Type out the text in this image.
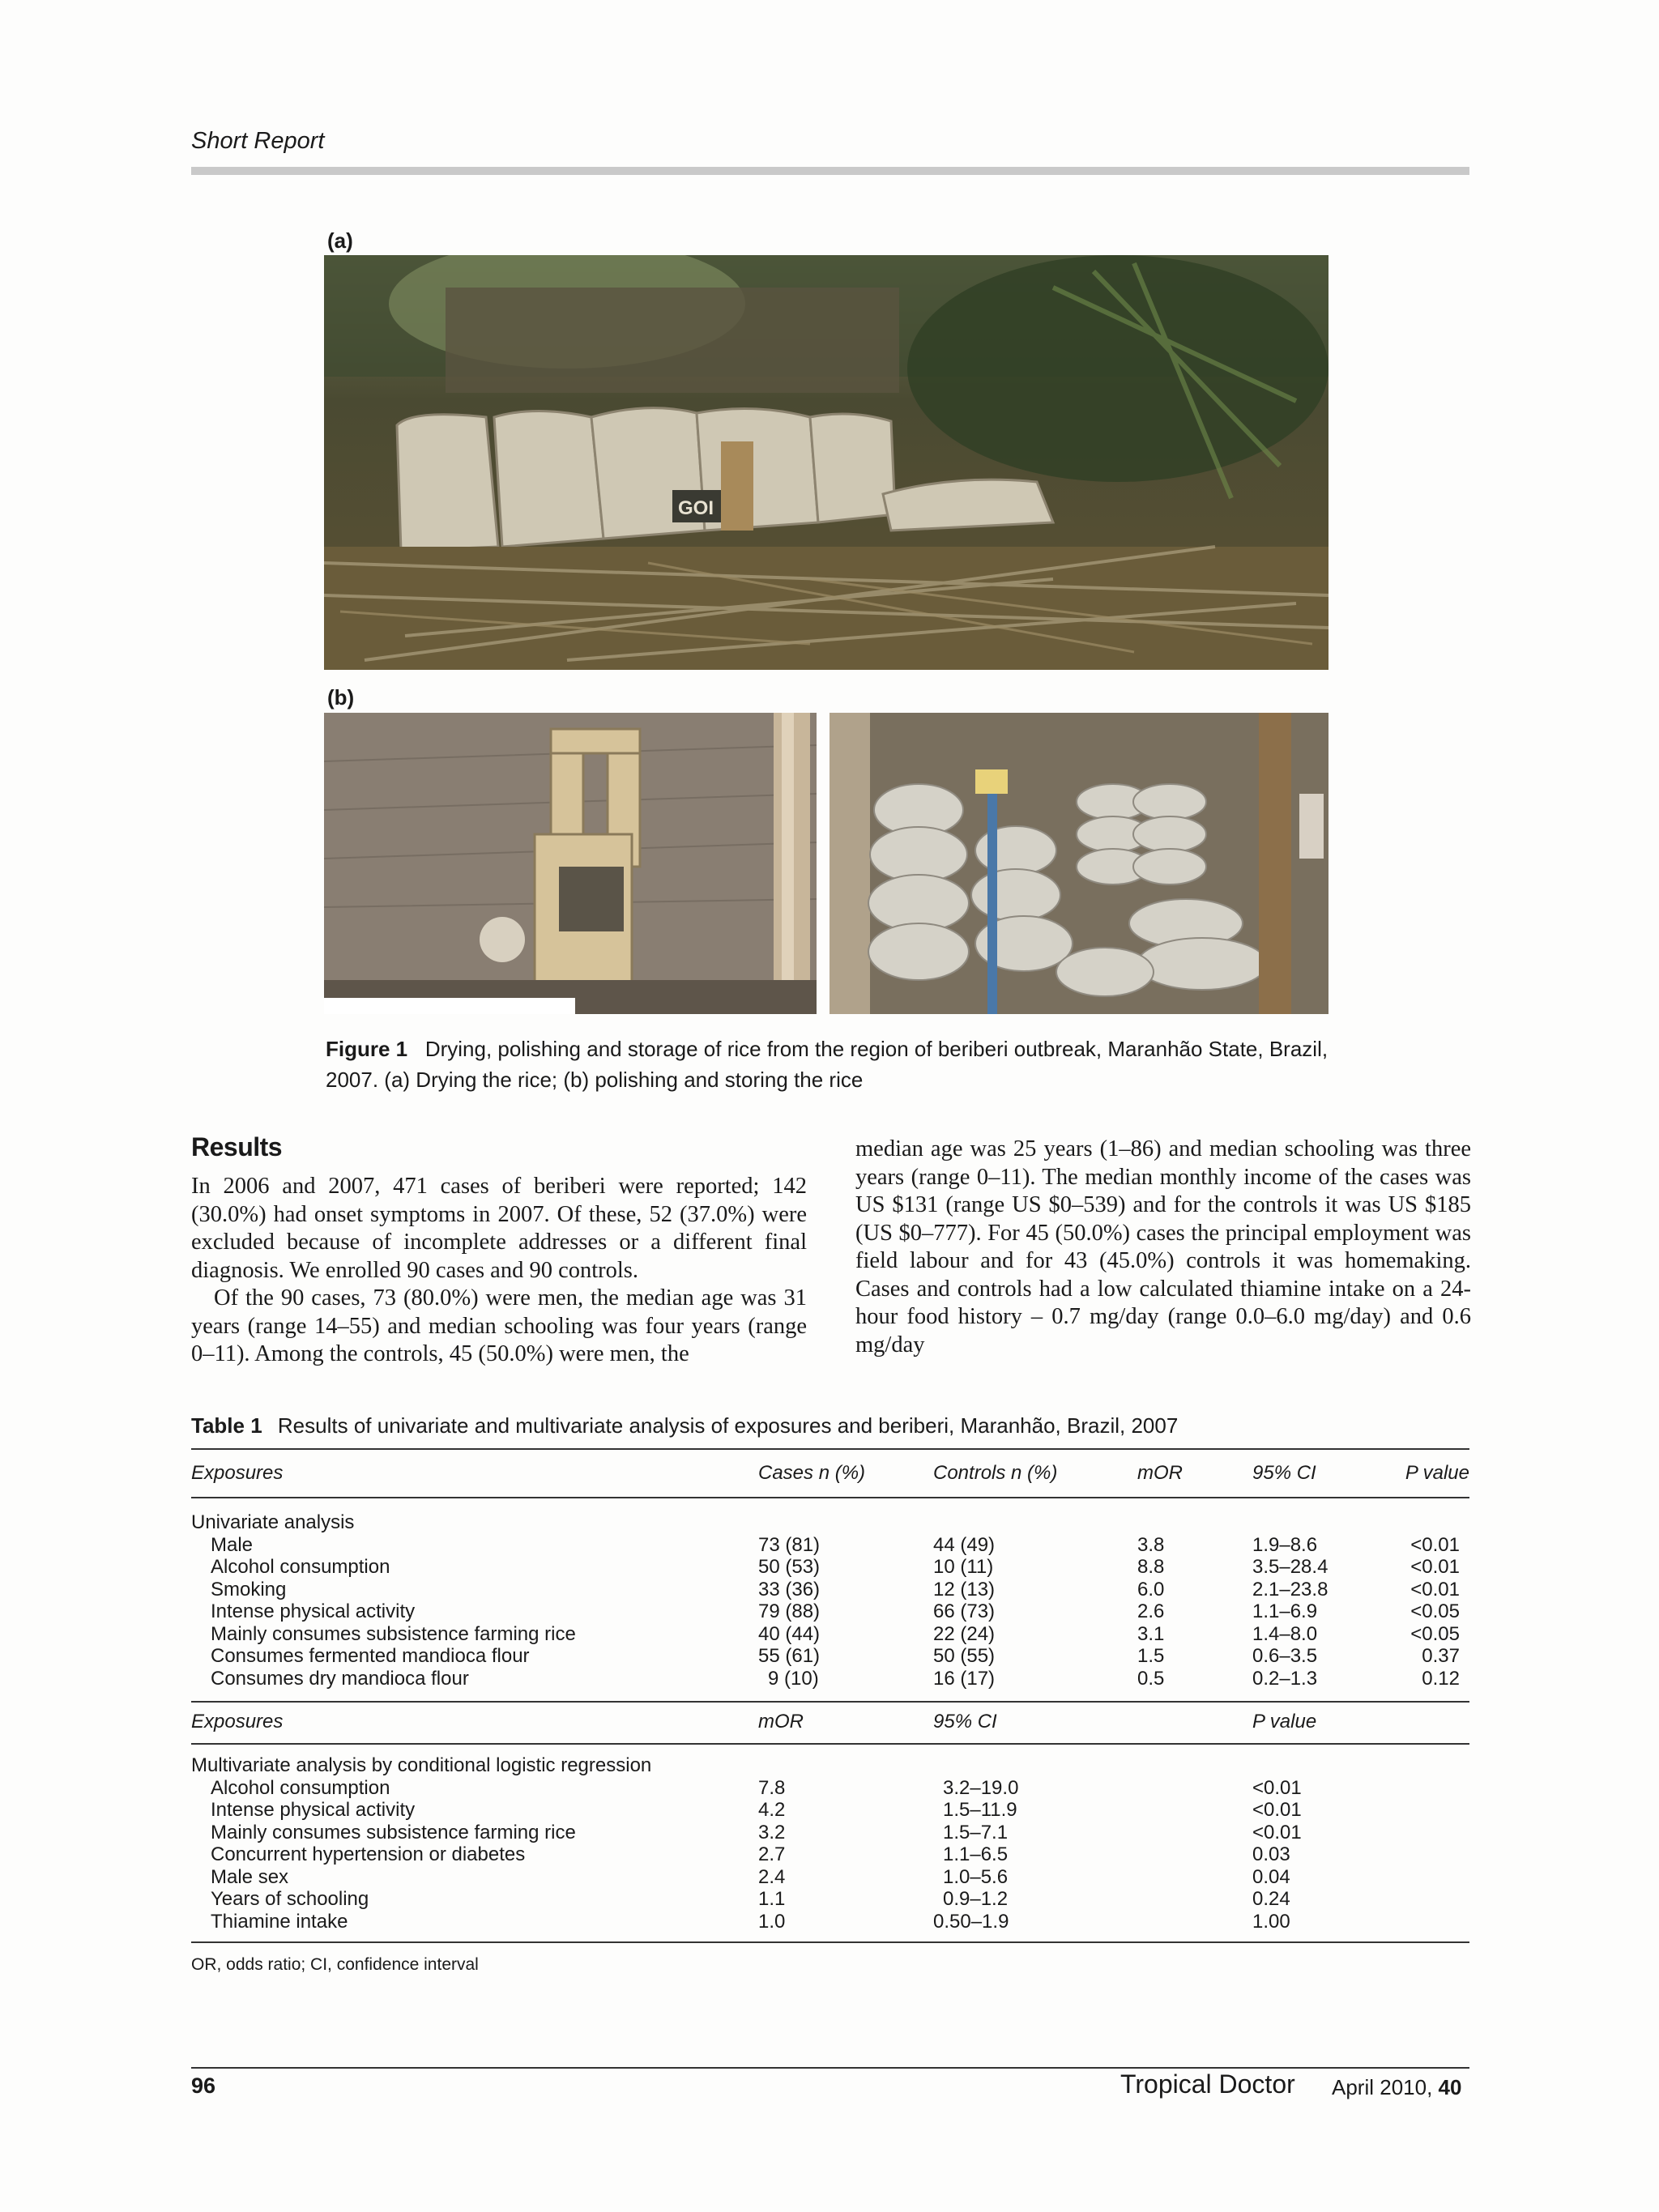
Short Report
(a)
GOI
(b)
Figure 1 Drying, polishing and storage of rice from the region of beriberi outbreak, Maranhão State, Brazil, 2007. (a) Drying the rice; (b) polishing and storing the rice
Results

In 2006 and 2007, 471 cases of beriberi were reported; 142 (30.0%) had onset symptoms in 2007. Of these, 52 (37.0%) were excluded because of incomplete addresses or a different final diagnosis. We enrolled 90 cases and 90 controls.

Of the 90 cases, 73 (80.0%) were men, the median age was 31 years (range 14–55) and median schooling was four years (range 0–11). Among the controls, 45 (50.0%) were men, the

median age was 25 years (1–86) and median schooling was three years (range 0–11). The median monthly income of the cases was US $131 (range US $0–539) and for the controls it was US $185 (US $0–777). For 45 (50.0%) cases the principal employment was field labour and for 43 (45.0%) controls it was homemaking. Cases and controls had a low calculated thiamine intake on a 24-hour food history – 0.7 mg/day (range 0.0–6.0 mg/day) and 0.6 mg/day

Table 1 Results of univariate and multivariate analysis of exposures and beriberi, Maranhão, Brazil, 2007
Exposures	Cases n (%)	Controls n (%)	mOR	95% CI	P value
Univariate analysis
Male	73 (81)	44 (49)	3.8	1.9–8.6	<0.01
Alcohol consumption	50 (53)	10 (11)	8.8	3.5–28.4	<0.01
Smoking	33 (36)	12 (13)	6.0	2.1–23.8	<0.01
Intense physical activity	79 (88)	66 (73)	2.6	1.1–6.9	<0.05
Mainly consumes subsistence farming rice	40 (44)	22 (24)	3.1	1.4–8.0	<0.05
Consumes fermented mandioca flour	55 (61)	50 (55)	1.5	0.6–3.5	0.37
Consumes dry mandioca flour	9 (10)	16 (17)	0.5	0.2–1.3	0.12
Exposures	mOR	95% CI	P value
Multivariate analysis by conditional logistic regression
Alcohol consumption	7.8	3.2–19.0	<0.01
Intense physical activity	4.2	1.5–11.9	<0.01
Mainly consumes subsistence farming rice	3.2	1.5–7.1	<0.01
Concurrent hypertension or diabetes	2.7	1.1–6.5	0.03
Male sex	2.4	1.0–5.6	0.04
Years of schooling	1.1	0.9–1.2	0.24
Thiamine intake	1.0	0.50–1.9	1.00
OR, odds ratio; CI, confidence interval
96	Tropical Doctor April 2010, 40
